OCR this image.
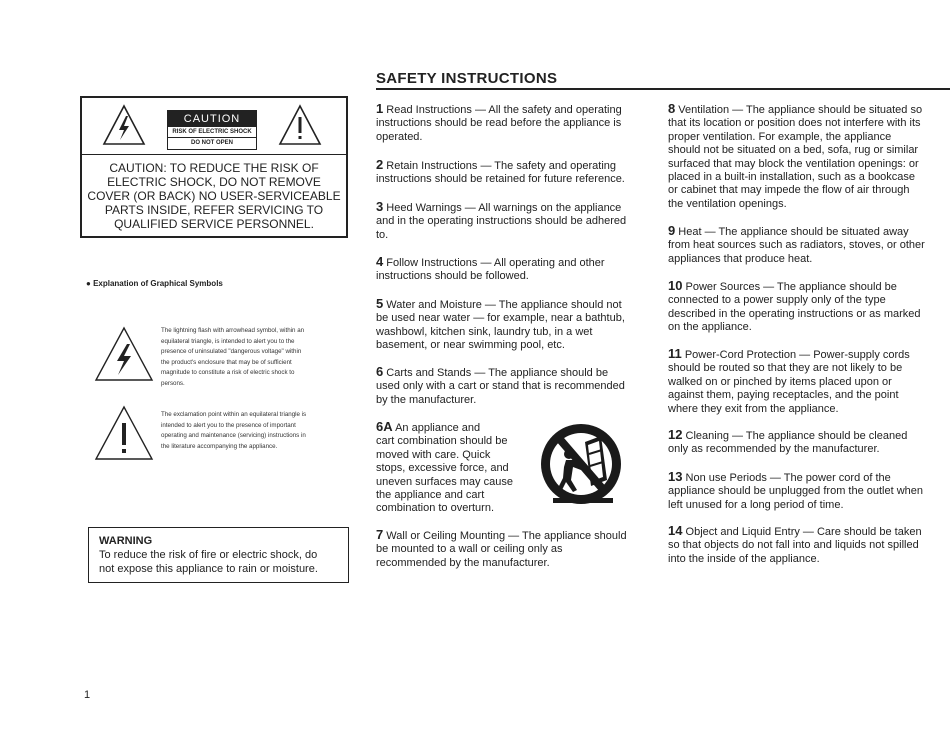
SAFETY INSTRUCTIONS
CAUTION
RISK OF ELECTRIC SHOCK
DO NOT OPEN
CAUTION: TO REDUCE THE RISK OF
ELECTRIC SHOCK, DO NOT REMOVE
COVER (OR BACK) NO USER-SERVICEABLE
PARTS INSIDE, REFER SERVICING TO
QUALIFIED SERVICE PERSONNEL.
● Explanation of Graphical Symbols
The lightning flash with arrowhead symbol, within an
equilateral triangle, is intended to alert you to the
presence of uninsulated "dangerous voltage" within
the product's enclosure that may be of sufficient
magnitude to constitute a risk of electric shock to
persons.
The exclamation point within an equilateral triangle is
intended to alert you to the presence of important
operating and maintenance (servicing) instructions in
the literature accompanying the appliance.
WARNING
To reduce the risk of fire or electric shock, do
not expose this appliance to rain or moisture.
1 Read Instructions — All the safety and operating
instructions should be read before the appliance is
operated.
2 Retain Instructions — The safety and operating
instructions should be retained for future reference.
3 Heed Warnings — All warnings on the appliance
and in the operating instructions should be adhered
to.
4 Follow Instructions — All operating and other
instructions should be followed.
5 Water and Moisture — The appliance should not
be used near water — for example, near a bathtub,
washbowl, kitchen sink, laundry tub, in a wet
basement, or near swimming pool, etc.
6 Carts and Stands — The appliance should be
used only with a cart or stand that is recommended
by the manufacturer.
6A An appliance and
cart combination should be
moved with care. Quick
stops, excessive force, and
uneven surfaces may cause
the appliance and cart
combination to overturn.
7 Wall or Ceiling Mounting — The appliance should
be mounted to a wall or ceiling only as
recommended by the manufacturer.
8 Ventilation — The appliance should be situated so
that its location or position does not interfere with its
proper ventilation. For example, the appliance
should not be situated on a bed, sofa, rug or similar
surfaced that may block the ventilation openings: or
placed in a built-in installation, such as a bookcase
or cabinet that may impede the flow of air through
the ventilation openings.
9 Heat — The appliance should be situated away
from heat sources such as radiators, stoves, or other
appliances that produce heat.
10 Power Sources — The appliance should be
connected to a power supply only of the type
described in the operating instructions or as marked
on the appliance.
11 Power-Cord Protection — Power-supply cords
should be routed so that they are not likely to be
walked on or pinched by items placed upon or
against them, paying receptacles, and the point
where they exit from the appliance.
12 Cleaning — The appliance should be cleaned
only as recommended by the manufacturer.
13 Non use Periods — The power cord of the
appliance should be unplugged from the outlet when
left unused for a long period of time.
14 Object and Liquid Entry — Care should be taken
so that objects do not fall into and liquids not spilled
into the inside of the appliance.
1
